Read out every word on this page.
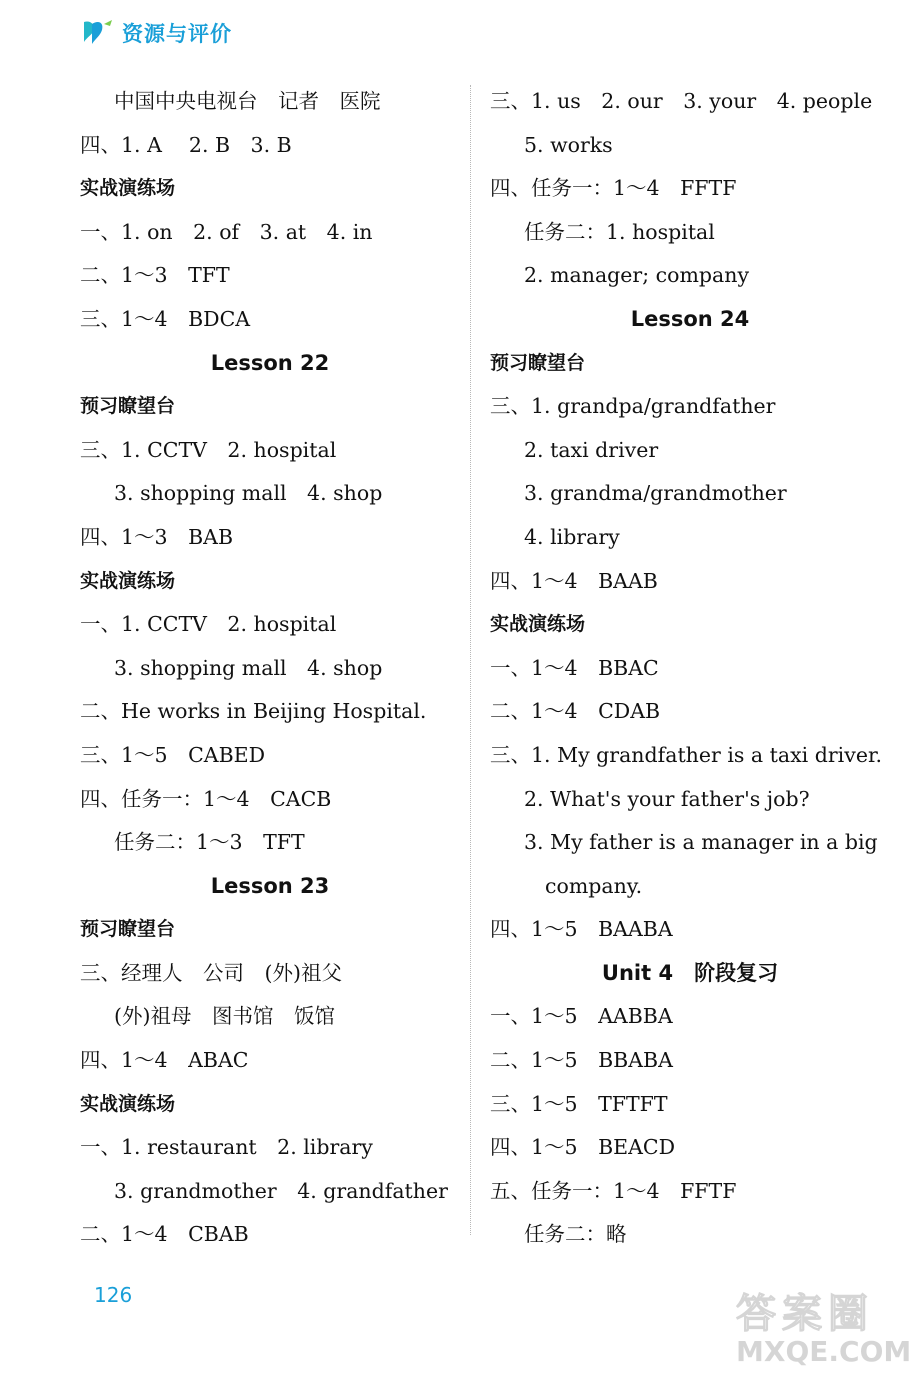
资源与评价
中国中央电视台　记者　医院
四、1. A　 2. B　3. B
实战演练场
一、1. on　2. of　3. at　4. in
二、1～3　TFT
三、1～4　BDCA
Lesson 22
预习瞭望台
三、1. CCTV　2. hospital
3. shopping mall　4. shop
四、1～3　BAB
实战演练场
一、1. CCTV　2. hospital
3. shopping mall　4. shop
二、He works in Beijing Hospital.
三、1～5　CABED
四、任务一：1～4　CACB
任务二：1～3　TFT
Lesson 23
预习瞭望台
三、经理人　公司　(外)祖父
(外)祖母　图书馆　饭馆
四、1～4　ABAC
实战演练场
一、1. restaurant　2. library
3. grandmother　4. grandfather
二、1～4　CBAB
三、1. us　2. our　3. your　4. people
5. works
四、任务一：1～4　FFTF
任务二：1. hospital
2. manager; company
Lesson 24
预习瞭望台
三、1. grandpa/grandfather
2. taxi driver
3. grandma/grandmother
4. library
四、1～4　BAAB
实战演练场
一、1～4　BBAC
二、1～4　CDAB
三、1. My grandfather is a taxi driver.
2. What's your father's job?
3. My father is a manager in a big
company.
四、1～5　BAABA
Unit 4　阶段复习
一、1～5　AABBA
二、1～5　BBABA
三、1～5　TFTFT
四、1～5　BEACD
五、任务一：1～4　FFTF
任务二：略
126	答案圈
MXQE.COM
